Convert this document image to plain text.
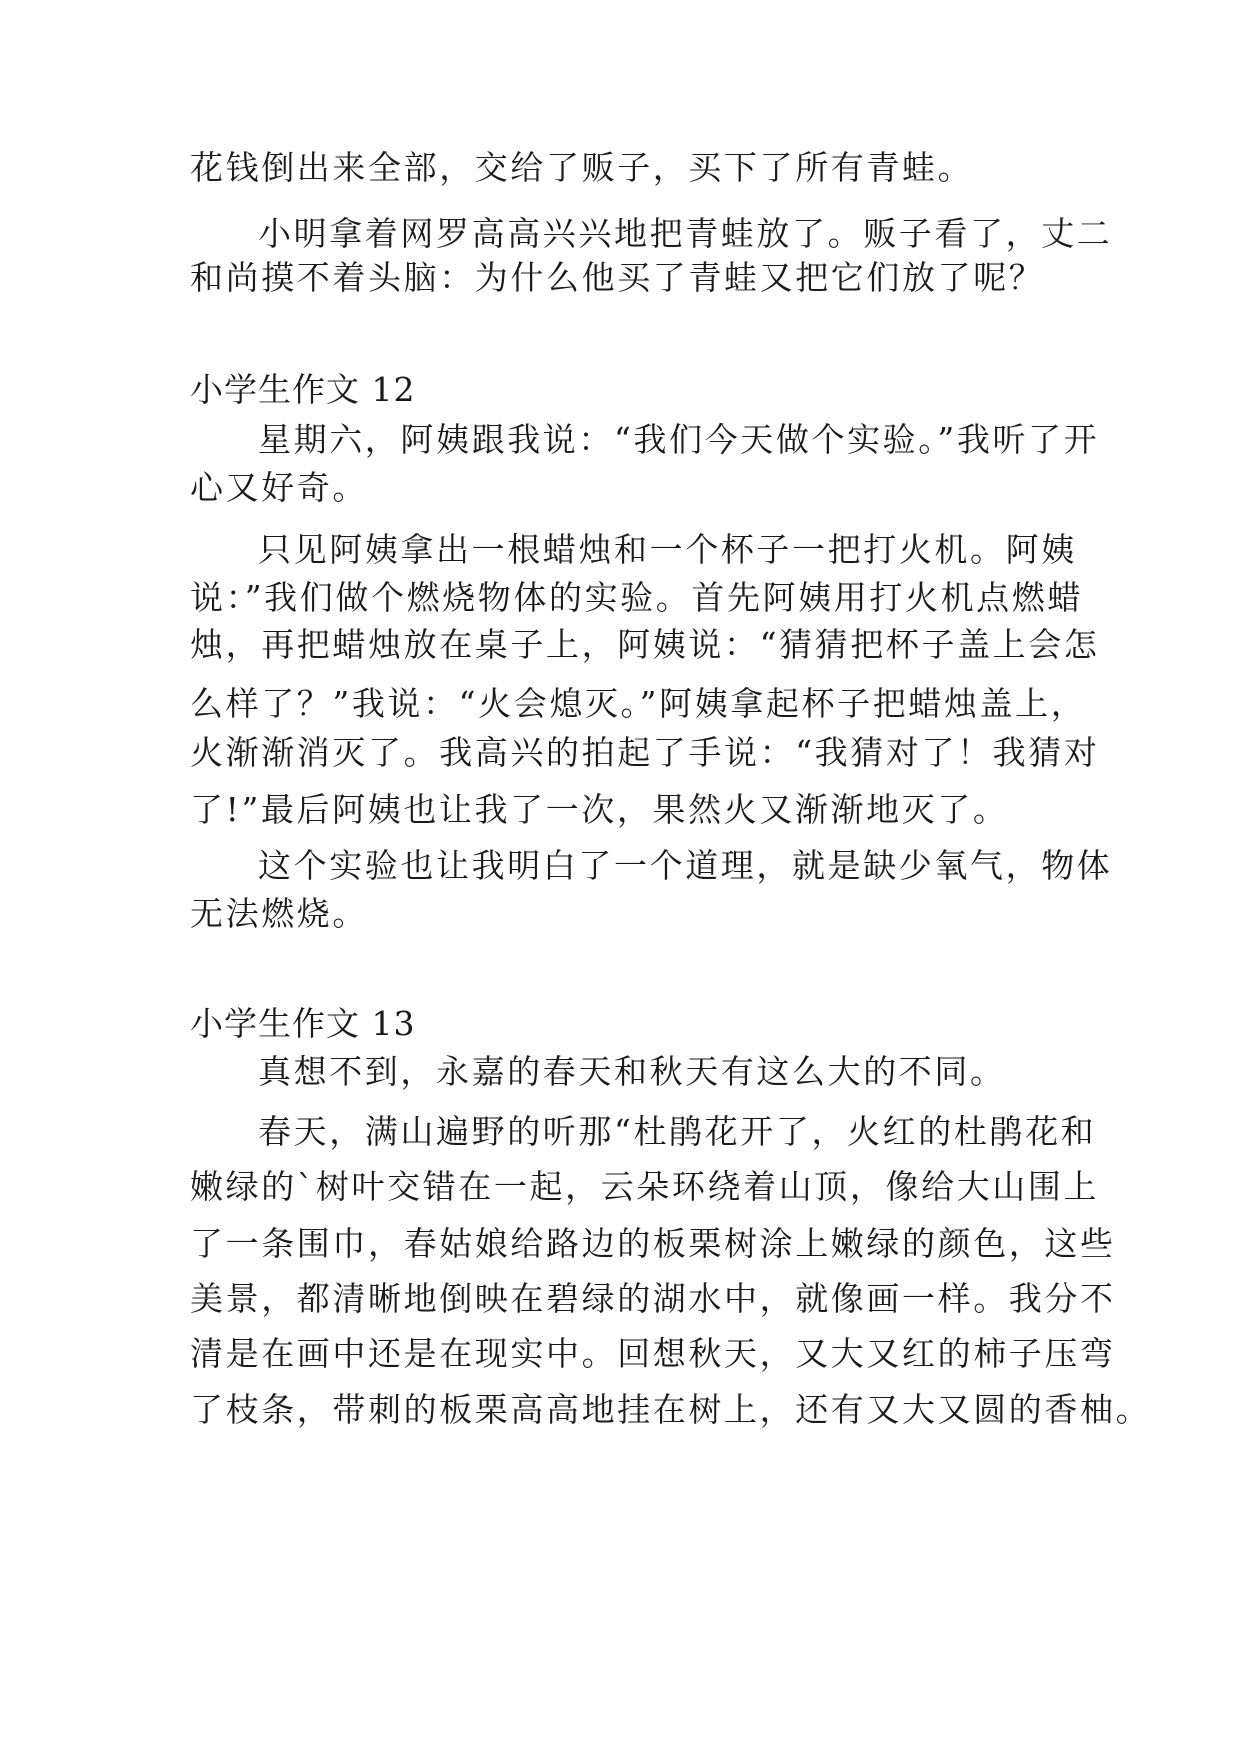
花钱倒出来全部，交给了贩子，买下了所有青蛙。
小明拿着网罗高高兴兴地把青蛙放了。贩子看了，丈二
和尚摸不着头脑：为什么他买了青蛙又把它们放了呢？
小学生作文 12
星期六，阿姨跟我说：“我们今天做个实验。”我听了开
心又好奇。
只见阿姨拿出一根蜡烛和一个杯子一把打火机。阿姨
说：”我们做个燃烧物体的实验。首先阿姨用打火机点燃蜡
烛，再把蜡烛放在桌子上，阿姨说：“猜猜把杯子盖上会怎
么样了？”我说：“火会熄灭。”阿姨拿起杯子把蜡烛盖上，
火渐渐消灭了。我高兴的拍起了手说：“我猜对了！我猜对
了!”最后阿姨也让我了一次，果然火又渐渐地灭了。
这个实验也让我明白了一个道理，就是缺少氧气，物体
无法燃烧。
小学生作文 13
真想不到，永嘉的春天和秋天有这么大的不同。
春天，满山遍野的听那“杜鹃花开了，火红的杜鹃花和
嫩绿的`树叶交错在一起，云朵环绕着山顶，像给大山围上
了一条围巾，春姑娘给路边的板栗树涂上嫩绿的颜色，这些
美景，都清晰地倒映在碧绿的湖水中，就像画一样。我分不
清是在画中还是在现实中。回想秋天，又大又红的柿子压弯
了枝条，带刺的板栗高高地挂在树上，还有又大又圆的香柚。
